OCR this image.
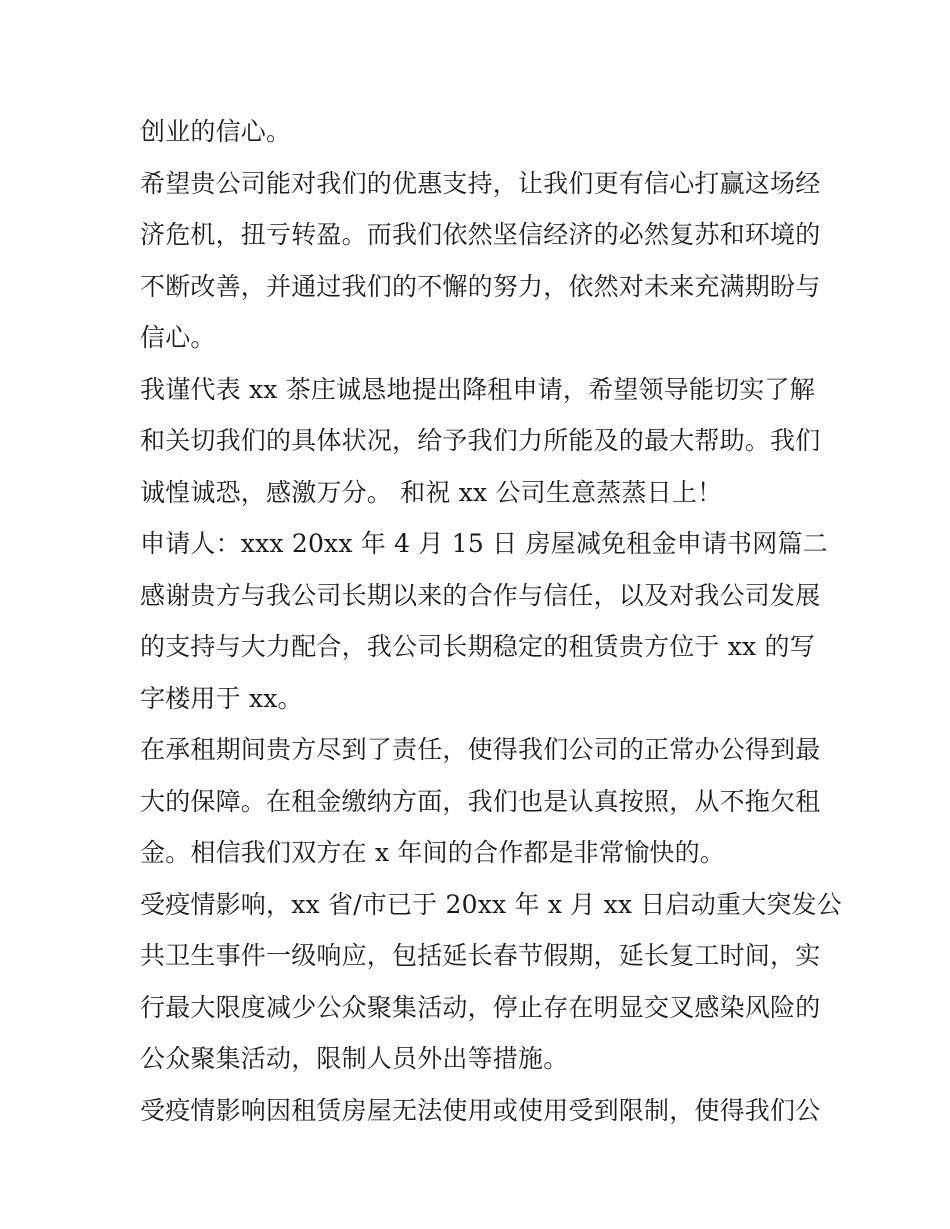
创业的信心。
希望贵公司能对我们的优惠支持，让我们更有信心打赢这场经
济危机，扭亏转盈。而我们依然坚信经济的必然复苏和环境的
不断改善，并通过我们的不懈的努力，依然对未来充满期盼与
信心。
我谨代表 xx 茶庄诚恳地提出降租申请，希望领导能切实了解
和关切我们的具体状况，给予我们力所能及的最大帮助。我们
诚惶诚恐，感激万分。 和祝 xx 公司生意蒸蒸日上！
申请人：xxx 20xx 年 4 月 15 日 房屋减免租金申请书网篇二
感谢贵方与我公司长期以来的合作与信任，以及对我公司发展
的支持与大力配合，我公司长期稳定的租赁贵方位于 xx 的写
字楼用于 xx。
在承租期间贵方尽到了责任，使得我们公司的正常办公得到最
大的保障。在租金缴纳方面，我们也是认真按照，从不拖欠租
金。相信我们双方在 x 年间的合作都是非常愉快的。
受疫情影响，xx 省/市已于 20xx 年 x 月 xx 日启动重大突发公
共卫生事件一级响应，包括延长春节假期，延长复工时间，实
行最大限度减少公众聚集活动，停止存在明显交叉感染风险的
公众聚集活动，限制人员外出等措施。
受疫情影响因租赁房屋无法使用或使用受到限制，使得我们公
